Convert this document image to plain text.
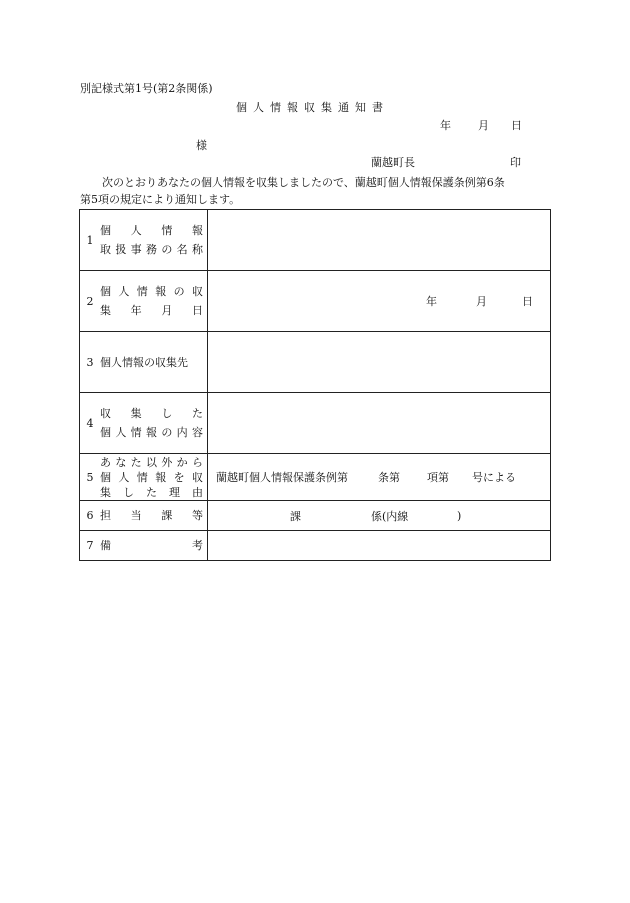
別記様式第1号(第2条関係)
個人情報収集通知書
年 月 日
様
蘭越町長	印
次のとおりあなたの個人情報を収集しましたので、蘭越町個人情報保護条例第6条
第5項の規定により通知します。
1	個　人　情　報
取扱事務の名称	

2	個人情報の収
集　年　月　日	年 月 日

3	個人情報の収集先	

4	収　集　し　た
個人情報の内容	

5	あなた以外から
個人情報を収
集した理由	蘭越町個人情報保護条例第 条第 項第 号による

6	担　当　課　等	課 係(内線 )

7	備　　　　考	
